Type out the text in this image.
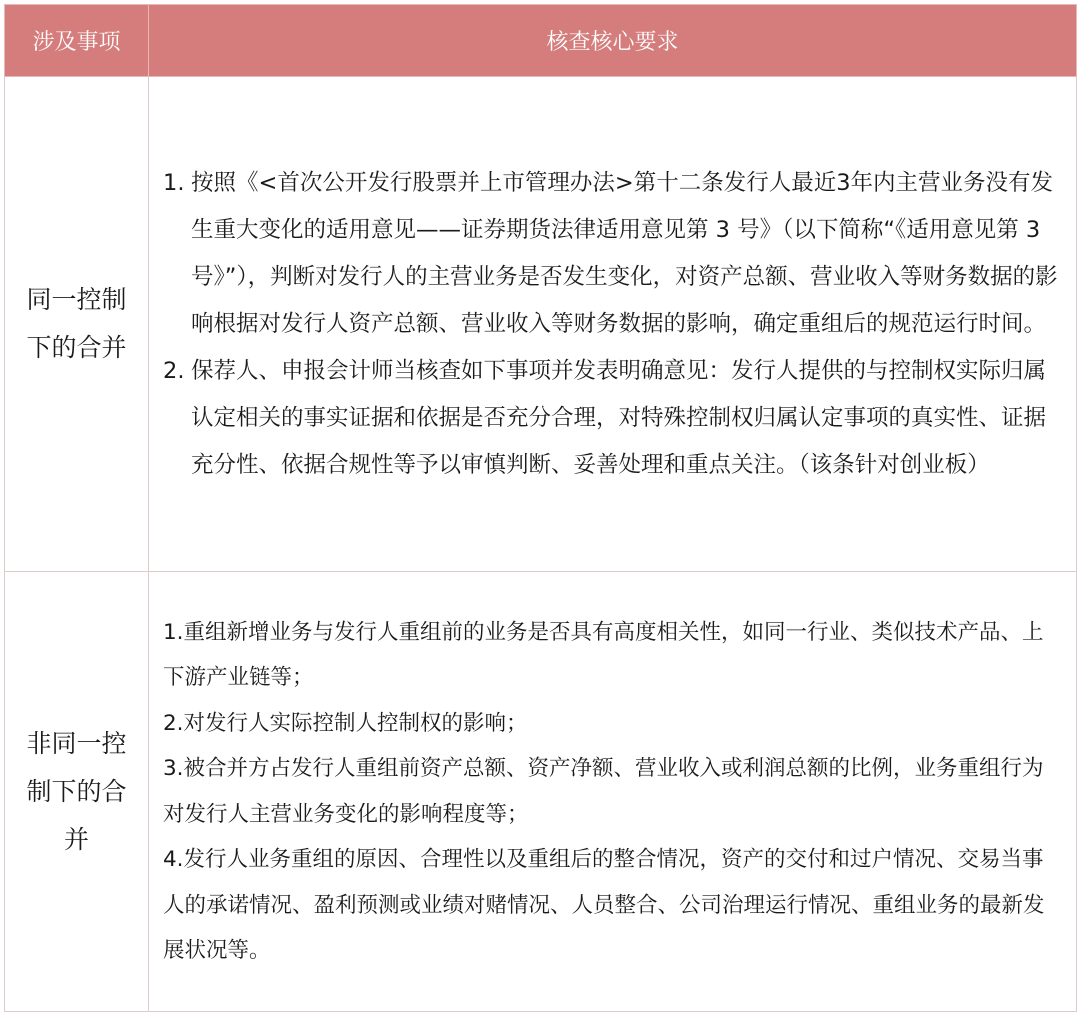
涉及事项	核查核心要求
同一控制下的合并	1. 按照《<首次公开发行股票并上市管理办法>第十二条发行人最近3年内主营业务没有发生重大变化的适用意见——证券期货法律适用意见第 3 号》（以下简称“《适用意见第 3 号》”），判断对发行人的主营业务是否发生变化，对资产总额、营业收入等财务数据的影响根据对发行人资产总额、营业收入等财务数据的影响，确定重组后的规范运行时间。
2. 保荐人、申报会计师当核查如下事项并发表明确意见：发行人提供的与控制权实际归属认定相关的事实证据和依据是否充分合理，对特殊控制权归属认定事项的真实性、证据充分性、依据合规性等予以审慎判断、妥善处理和重点关注。（该条针对创业板）

非同一控制下的合并	1.重组新增业务与发行人重组前的业务是否具有高度相关性，如同一行业、类似技术产品、上下游产业链等；
2.对发行人实际控制人控制权的影响；
3.被合并方占发行人重组前资产总额、资产净额、营业收入或利润总额的比例，业务重组行为对发行人主营业务变化的影响程度等；
4.发行人业务重组的原因、合理性以及重组后的整合情况，资产的交付和过户情况、交易当事人的承诺情况、盈利预测或业绩对赌情况、人员整合、公司治理运行情况、重组业务的最新发展状况等。
